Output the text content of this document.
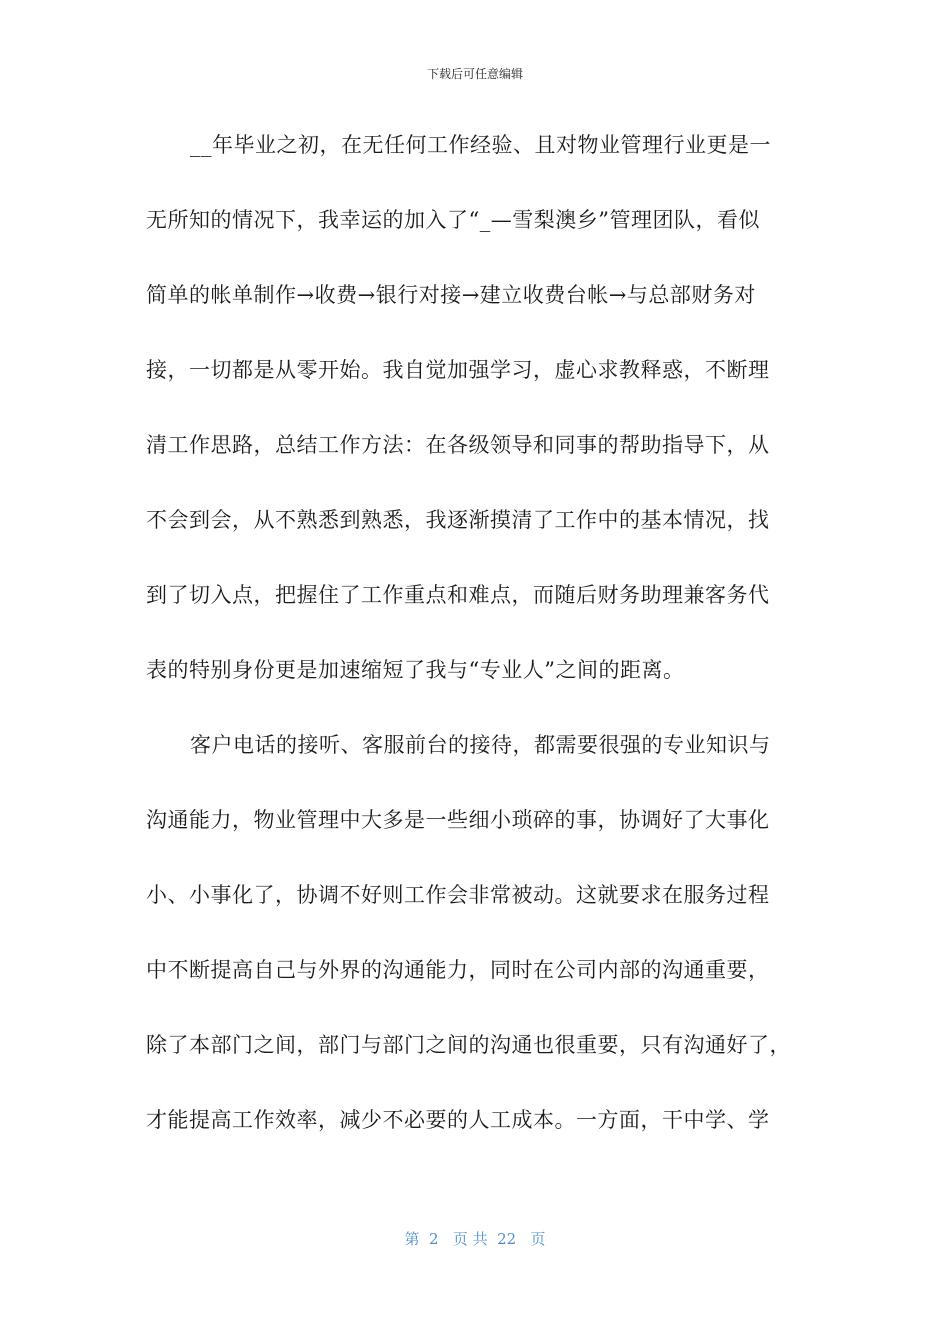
下载后可任意编辑
__年毕业之初，在无任何工作经验、且对物业管理行业更是一
无所知的情况下，我幸运的加入了“_—雪梨澳乡”管理团队，看似
简单的帐单制作→收费→银行对接→建立收费台帐→与总部财务对
接，一切都是从零开始。我自觉加强学习，虚心求教释惑，不断理
清工作思路，总结工作方法：在各级领导和同事的帮助指导下，从
不会到会，从不熟悉到熟悉，我逐渐摸清了工作中的基本情况，找
到了切入点，把握住了工作重点和难点，而随后财务助理兼客务代
表的特别身份更是加速缩短了我与“专业人”之间的距离。
客户电话的接听、客服前台的接待，都需要很强的专业知识与
沟通能力，物业管理中大多是一些细小琐碎的事，协调好了大事化
小、小事化了，协调不好则工作会非常被动。这就要求在服务过程
中不断提高自己与外界的沟通能力，同时在公司内部的沟通重要，
除了本部门之间，部门与部门之间的沟通也很重要，只有沟通好了，
才能提高工作效率，减少不必要的人工成本。一方面，干中学、学
第  2   页 共  22   页
